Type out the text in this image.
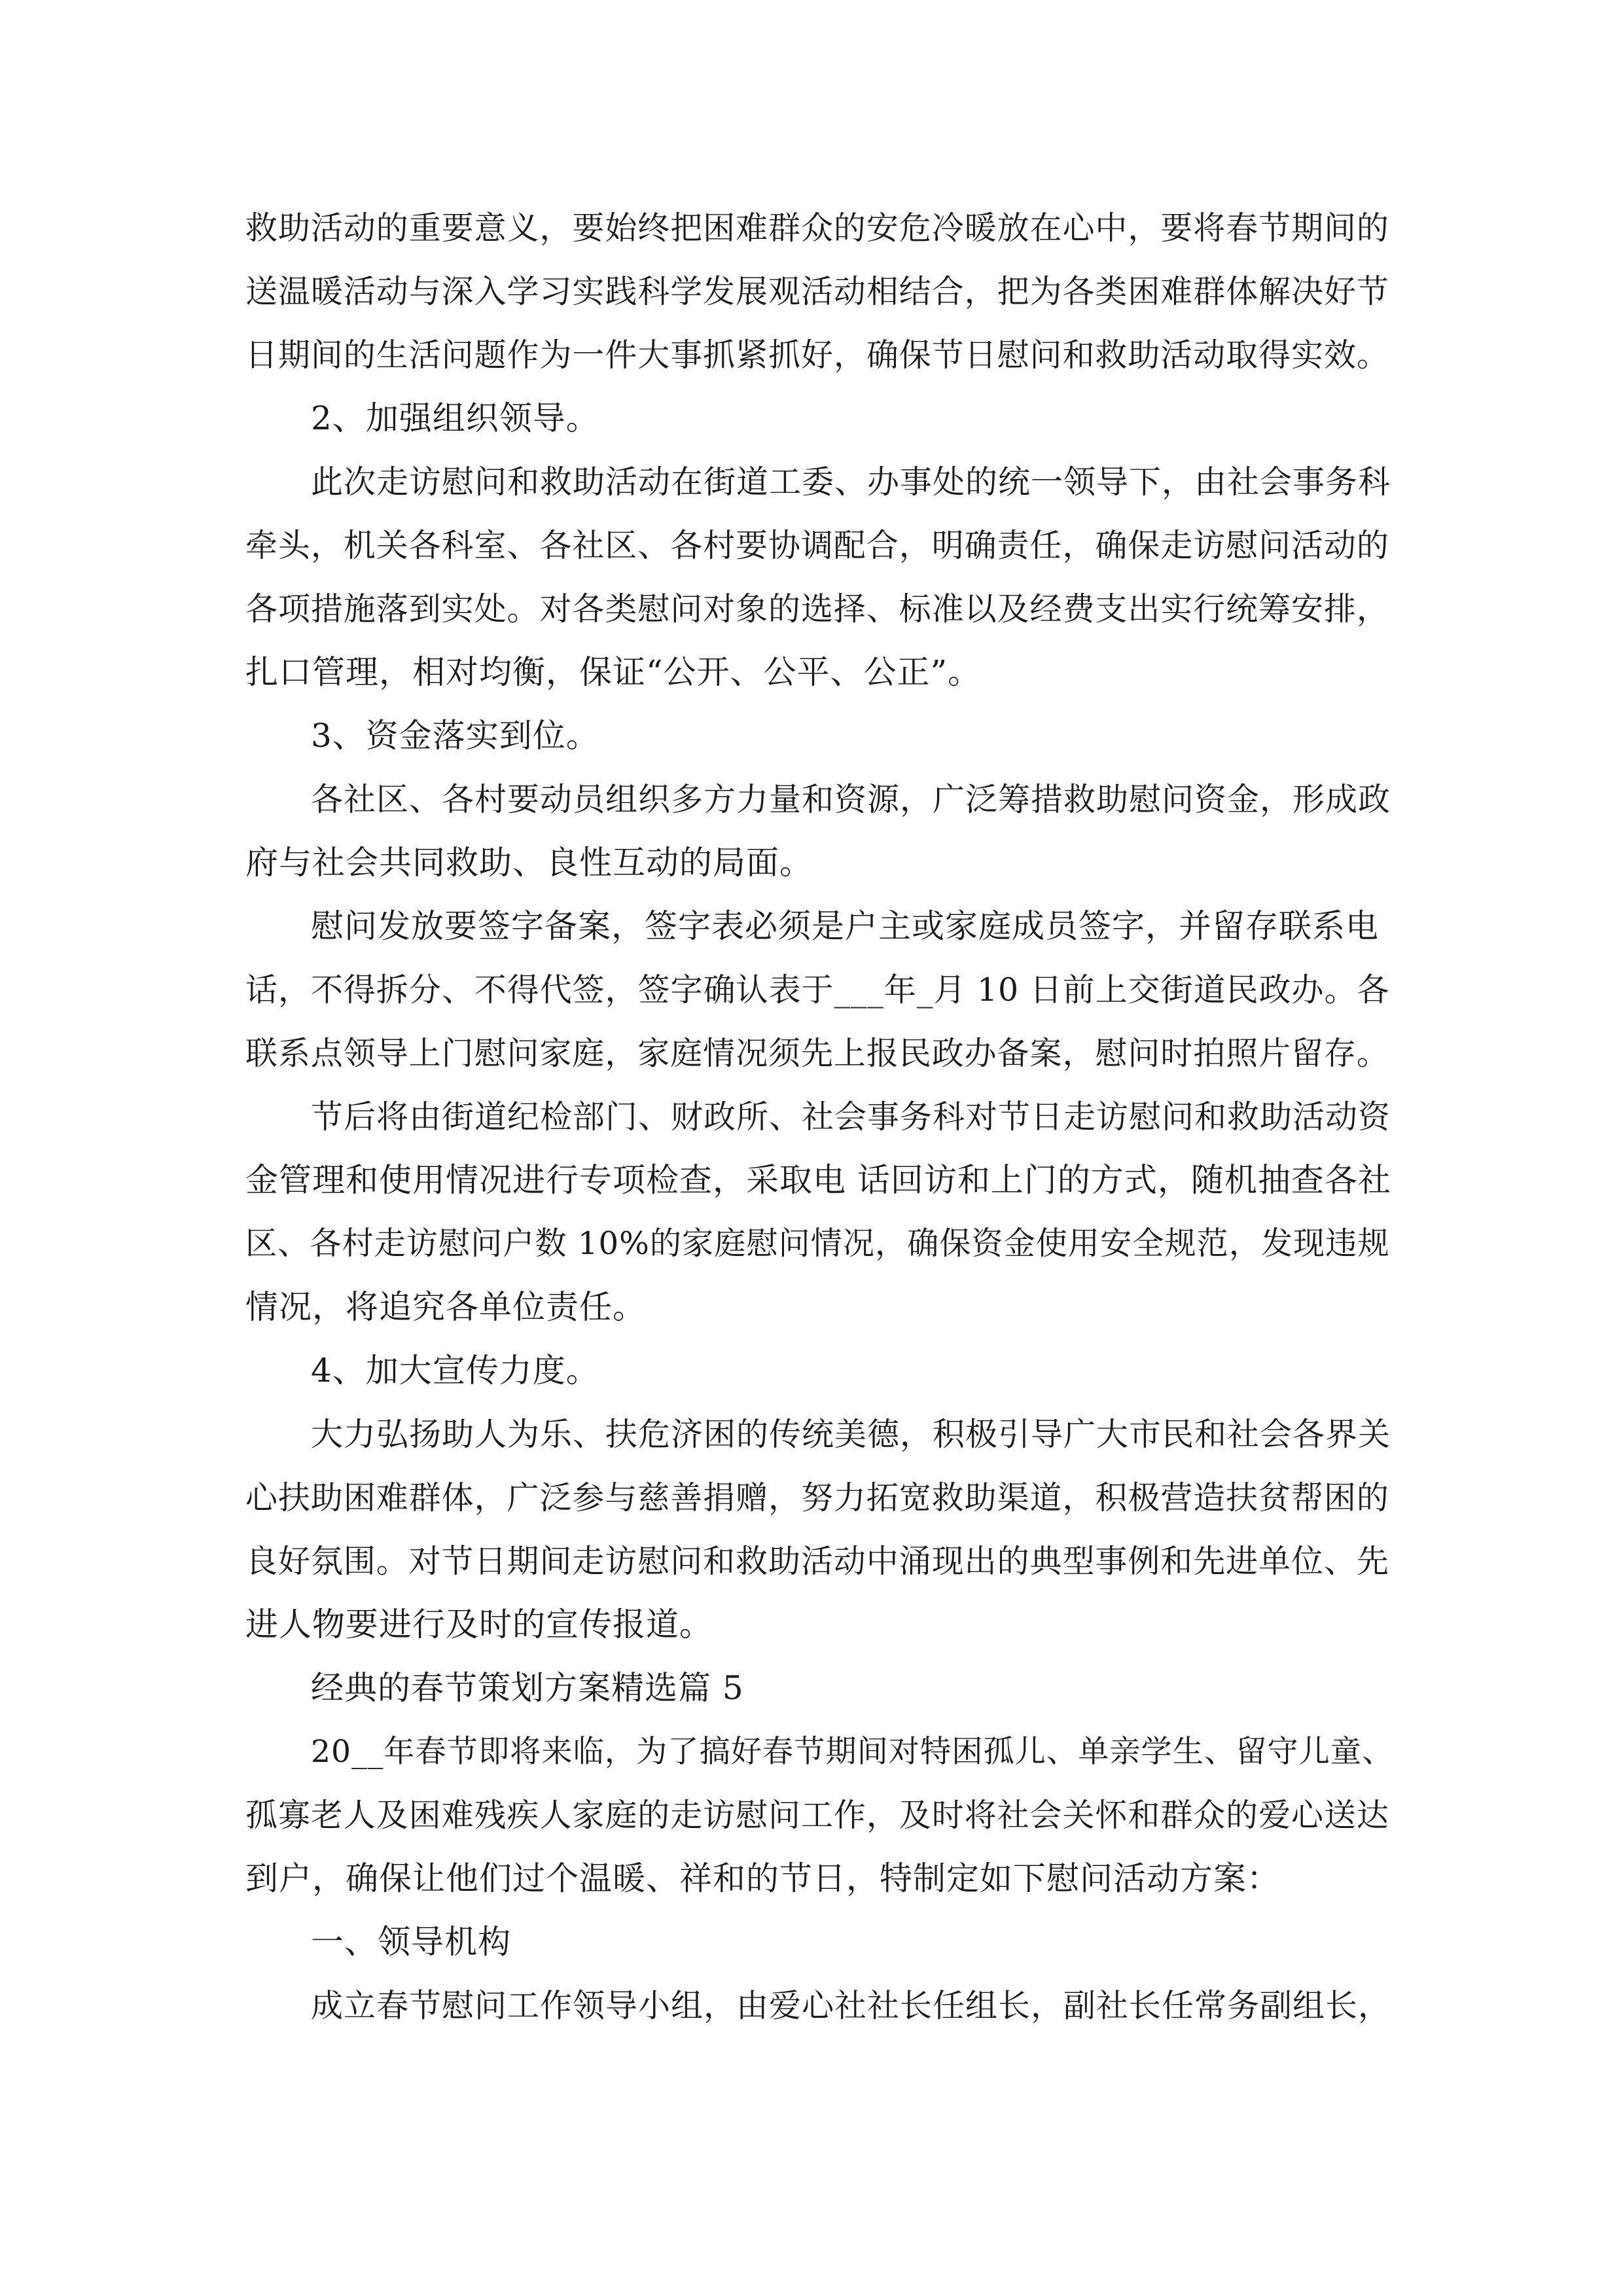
救助活动的重要意义，要始终把困难群众的安危冷暖放在心中，要将春节期间的
送温暖活动与深入学习实践科学发展观活动相结合，把为各类困难群体解决好节
日期间的生活问题作为一件大事抓紧抓好，确保节日慰问和救助活动取得实效。
2、加强组织领导。
此次走访慰问和救助活动在街道工委、办事处的统一领导下，由社会事务科
牵头，机关各科室、各社区、各村要协调配合，明确责任，确保走访慰问活动的
各项措施落到实处。对各类慰问对象的选择、标准以及经费支出实行统筹安排，
扎口管理，相对均衡，保证“公开、公平、公正”。
3、资金落实到位。
各社区、各村要动员组织多方力量和资源，广泛筹措救助慰问资金，形成政
府与社会共同救助、良性互动的局面。
慰问发放要签字备案，签字表必须是户主或家庭成员签字，并留存联系电
话，不得拆分、不得代签，签字确认表于___年_月 10 日前上交街道民政办。各
联系点领导上门慰问家庭，家庭情况须先上报民政办备案，慰问时拍照片留存。
节后将由街道纪检部门、财政所、社会事务科对节日走访慰问和救助活动资
金管理和使用情况进行专项检查，采取电 话回访和上门的方式，随机抽查各社
区、各村走访慰问户数 10%的家庭慰问情况，确保资金使用安全规范，发现违规
情况，将追究各单位责任。
4、加大宣传力度。
大力弘扬助人为乐、扶危济困的传统美德，积极引导广大市民和社会各界关
心扶助困难群体，广泛参与慈善捐赠，努力拓宽救助渠道，积极营造扶贫帮困的
良好氛围。对节日期间走访慰问和救助活动中涌现出的典型事例和先进单位、先
进人物要进行及时的宣传报道。
经典的春节策划方案精选篇 5
20__年春节即将来临，为了搞好春节期间对特困孤儿、单亲学生、留守儿童、
孤寡老人及困难残疾人家庭的走访慰问工作，及时将社会关怀和群众的爱心送达
到户，确保让他们过个温暖、祥和的节日，特制定如下慰问活动方案：
一、领导机构
成立春节慰问工作领导小组，由爱心社社长任组长，副社长任常务副组长，
